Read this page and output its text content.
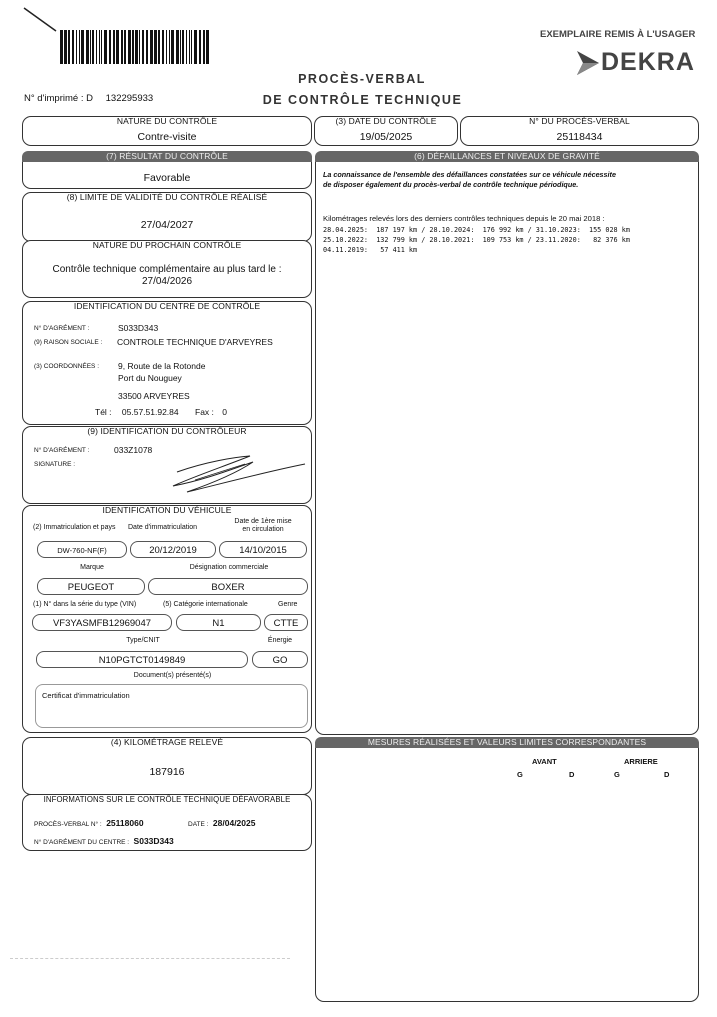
EXEMPLAIRE REMIS À L'USAGER
DEKRA
PROCÈS-VERBAL
DE CONTRÔLE TECHNIQUE
N° d'imprimé : D 132295933
NATURE DU CONTRÔLE
Contre-visite
(3) DATE DU CONTRÔLE
19/05/2025
N° DU PROCÈS-VERBAL
25118434
(7) RÉSULTAT DU CONTRÔLE
Favorable
(8) LIMITE DE VALIDITÉ DU CONTRÔLE RÉALISÉ
27/04/2027
NATURE DU PROCHAIN CONTRÔLE
Contrôle technique complémentaire au plus tard le :
27/04/2026
IDENTIFICATION DU CENTRE DE CONTRÔLE
N° D'AGRÉMENT :	S033D343
(9) RAISON SOCIALE : CONTROLE TECHNIQUE D'ARVEYRES
(3) COORDONNÉES : 9, Route de la Rotonde
Port du Nouguey
33500 ARVEYRES
Tél : 05.57.51.92.84 Fax : 0
(9) IDENTIFICATION DU CONTRÔLEUR
N° D'AGRÉMENT :	033Z1078
SIGNATURE :
IDENTIFICATION DU VÉHICULE
(2) Immatriculation et pays Date d'immatriculation
Date de 1ère mise en circulation
DW-760-NF(F)	20/12/2019	14/10/2015
Marque	Désignation commerciale
PEUGEOT	BOXER
(1) N° dans la série du type (VIN)	(5) Catégorie internationale	Genre
VF3YASMFB12969047	N1	CTTE
Type/CNIT	Énergie
N10PGTCT0149849	GO
Document(s) présenté(s)
Certificat d'immatriculation
(4) KILOMÉTRAGE RELEVÉ
187916
INFORMATIONS SUR LE CONTRÔLE TECHNIQUE DÉFAVORABLE
PROCÈS-VERBAL N° : 25118060	DATE : 28/04/2025
N° D'AGRÉMENT DU CENTRE : S033D343
(6) DÉFAILLANCES ET NIVEAUX DE GRAVITÉ
La connaissance de l'ensemble des défaillances constatées sur ce véhicule nécessite
de disposer également du procès-verbal de contrôle technique périodique.
Kilométrages relevés lors des derniers contrôles techniques depuis le 20 mai 2018 :
28.04.2025:  187 197 km / 28.10.2024:  176 992 km / 31.10.2023:  155 028 km
25.10.2022:  132 799 km / 28.10.2021:  109 753 km / 23.11.2020:   82 376 km
04.11.2019:   57 411 km
MESURES RÉALISÉES ET VALEURS LIMITES CORRESPONDANTES
AVANT	ARRIERE
G	D	G	D
